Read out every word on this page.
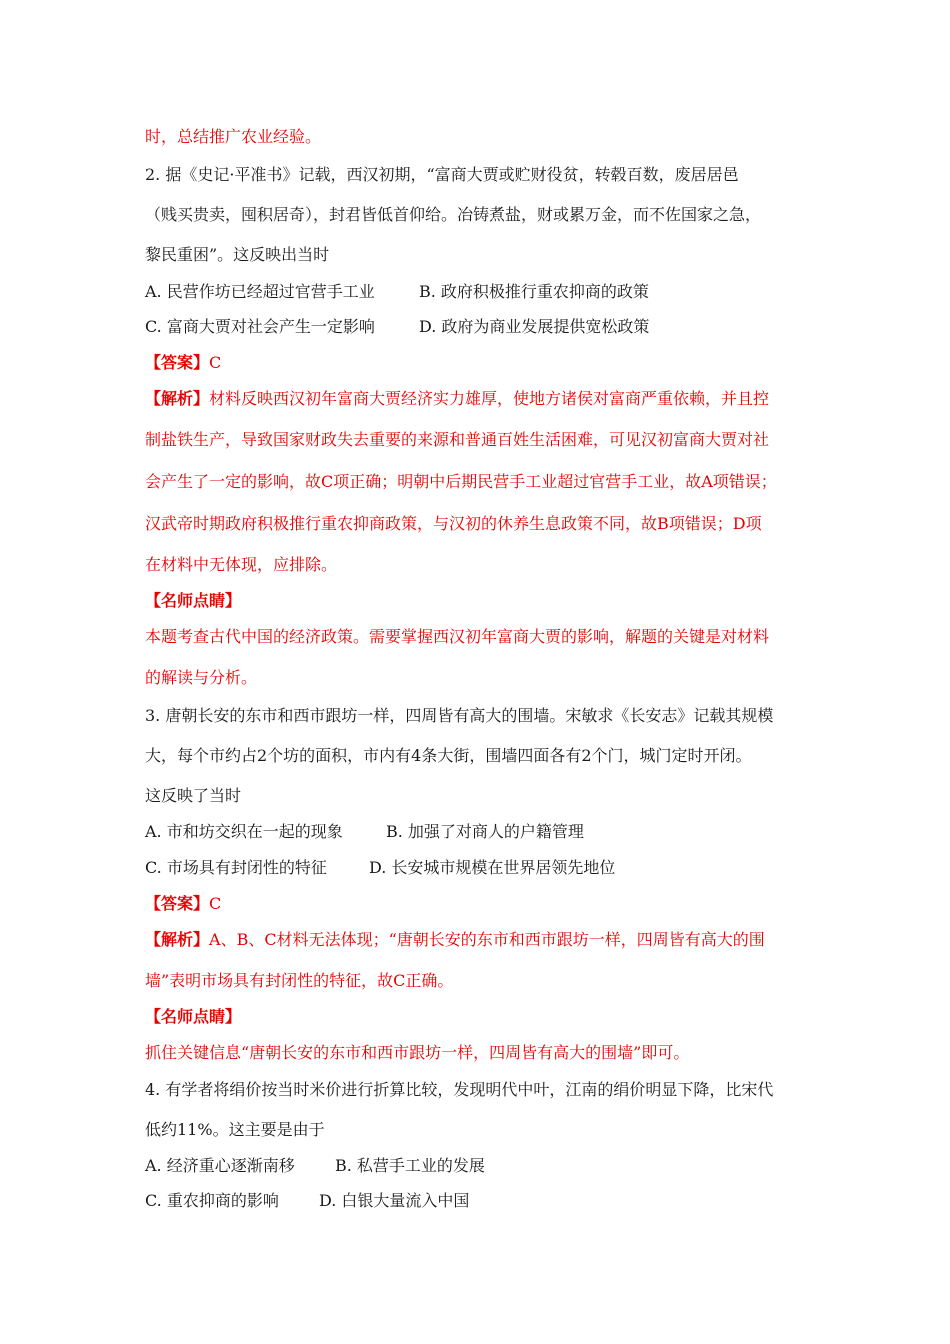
时，总结推广农业经验。
2. 据《史记·平准书》记载，西汉初期，“富商大贾或贮财役贫，转毂百数，废居居邑
（贱买贵卖，囤积居奇），封君皆低首仰给。冶铸煮盐，财或累万金，而不佐国家之急，
黎民重困”。这反映出当时
A. 民营作坊已经超过官营手工业	B. 政府积极推行重农抑商的政策
C. 富商大贾对社会产生一定影响	D. 政府为商业发展提供宽松政策
【答案】C
【解析】材料反映西汉初年富商大贾经济实力雄厚，使地方诸侯对富商严重依赖，并且控
制盐铁生产，导致国家财政失去重要的来源和普通百姓生活困难，可见汉初富商大贾对社
会产生了一定的影响，故C项正确；明朝中后期民营手工业超过官营手工业，故A项错误；
汉武帝时期政府积极推行重农抑商政策，与汉初的休养生息政策不同，故B项错误；D项
在材料中无体现，应排除。
【名师点睛】
本题考查古代中国的经济政策。需要掌握西汉初年富商大贾的影响，解题的关键是对材料
的解读与分析。
3. 唐朝长安的东市和西市跟坊一样，四周皆有高大的围墙。宋敏求《长安志》记载其规模
大，每个市约占2个坊的面积，市内有4条大街，围墙四面各有2个门，城门定时开闭。
这反映了当时
A. 市和坊交织在一起的现象	B. 加强了对商人的户籍管理
C. 市场具有封闭性的特征	D. 长安城市规模在世界居领先地位
【答案】C
【解析】A、B、C材料无法体现；“唐朝长安的东市和西市跟坊一样，四周皆有高大的围
墙”表明市场具有封闭性的特征，故C正确。
【名师点睛】
抓住关键信息“唐朝长安的东市和西市跟坊一样，四周皆有高大的围墙”即可。
4. 有学者将绢价按当时米价进行折算比较，发现明代中叶，江南的绢价明显下降，比宋代
低约11%。这主要是由于
A. 经济重心逐渐南移	B. 私营手工业的发展
C. 重农抑商的影响	D. 白银大量流入中国
